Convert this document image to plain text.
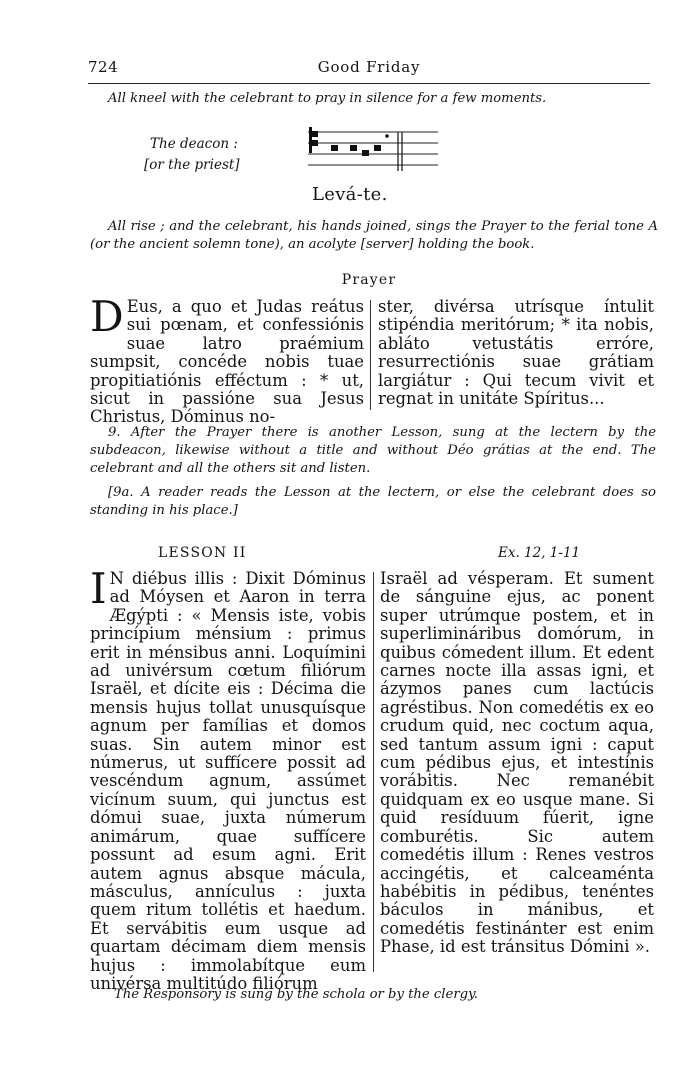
724	Good Friday
All kneel with the celebrant to pray in silence for a few moments.
The deacon :
[or the priest]
Levá-te.
All rise ; and the celebrant, his hands joined, sings the Prayer to the ferial tone A (or the ancient solemn tone), an acolyte [server] holding the book.
Prayer
D Eus, a quo et Judas reátus sui pœnam, et confessiónis suae latro praémium sumpsit, concéde nobis tuae propitiatiónis efféctum : * ut, sicut in passióne sua Jesus Christus, Dóminus no-
ster, divérsa utrísque íntulit stipéndia meritórum; * ita nobis, abláto vetustátis erróre, resurrectiónis suae grátiam largiátur : Qui tecum vivit et regnat in unitáte Spíritus...
9. After the Prayer there is another Lesson, sung at the lectern by the subdeacon, likewise without a title and without Déo grátias at the end. The celebrant and all the others sit and listen.
[9a. A reader reads the Lesson at the lectern, or else the celebrant does so standing in his place.]
LESSON II	Ex. 12, 1-11
I N diébus illis : Dixit Dóminus ad Móysen et Aaron in terra Ægýpti : « Mensis iste, vobis princípium ménsium : primus erit in ménsibus anni. Loquímini ad univérsum cœtum filiórum Israël, et dícite eis : Décima die mensis hujus tollat unusquísque agnum per famílias et domos suas. Sin autem minor est númerus, ut suffícere possit ad vescéndum agnum, assúmet vicínum suum, qui junctus est dómui suae, juxta númerum animárum, quae suffícere possunt ad esum agni. Erit autem agnus absque mácula, másculus, annículus : juxta quem ritum tollétis et haedum. Et servábitis eum usque ad quartam décimam diem mensis hujus : immolabítque eum univérsa multitúdo filiórum
Israël ad vésperam. Et sument de sánguine ejus, ac ponent super utrúmque postem, et in superlimináribus domórum, in quibus cómedent illum. Et edent carnes nocte illa assas igni, et ázymos panes cum lactúcis agréstibus. Non comedétis ex eo crudum quid, nec coctum aqua, sed tantum assum igni : caput cum pédibus ejus, et intestínis vorábitis. Nec remanébit quidquam ex eo usque mane. Si quid resíduum fúerit, igne comburétis. Sic autem comedétis illum : Renes vestros accingétis, et calceaménta habébitis in pédibus, tenéntes báculos in mánibus, et comedétis festinánter est enim Phase, id est tránsitus Dómini ».
The Responsory is sung by the schola or by the clergy.
